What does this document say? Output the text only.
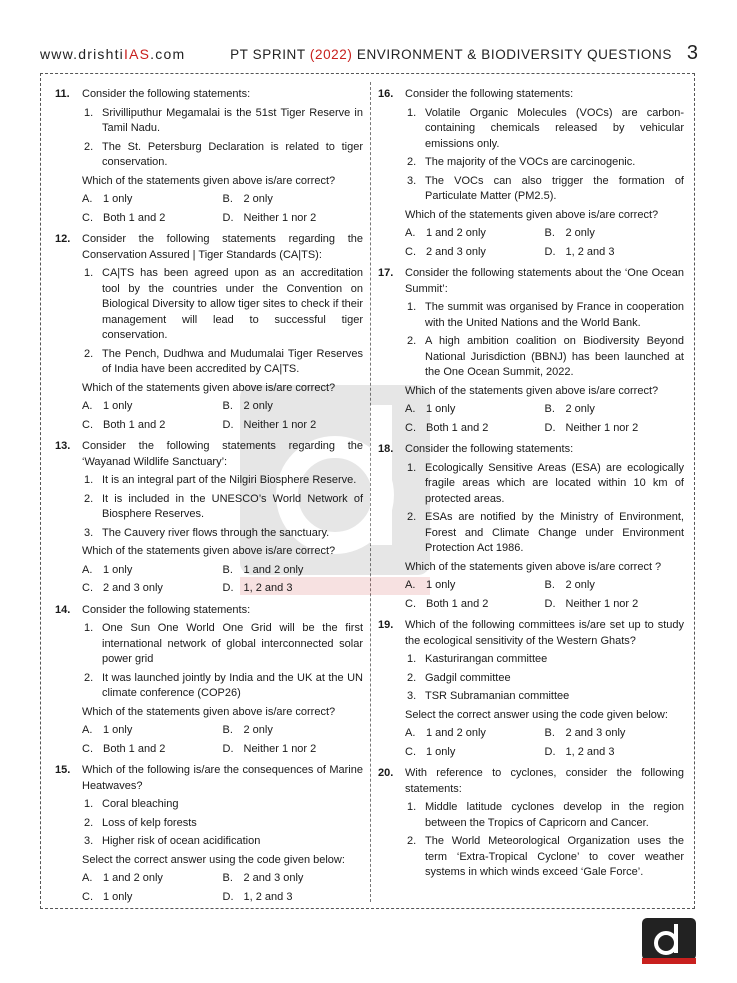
www.drishtiIAS.com	PT SPRINT (2022) ENVIRONMENT & BIODIVERSITY QUESTIONS 3
11. Consider the following statements:
1. Srivilliputhur Megamalai is the 51st Tiger Reserve in Tamil Nadu.
2. The St. Petersburg Declaration is related to tiger conservation.
Which of the statements given above is/are correct?
A. 1 only	B. 2 only
C. Both 1 and 2	D. Neither 1 nor 2
12. Consider the following statements regarding the Conservation Assured | Tiger Standards (CA|TS):
1. CA|TS has been agreed upon as an accreditation tool by the countries under the Convention on Biological Diversity to allow tiger sites to check if their management will lead to successful tiger conservation.
2. The Pench, Dudhwa and Mudumalai Tiger Reserves of India have been accredited by CA|TS.
Which of the statements given above is/are correct?
A. 1 only	B. 2 only
C. Both 1 and 2	D. Neither 1 nor 2
13. Consider the following statements regarding the ‘Wayanad Wildlife Sanctuary’:
1. It is an integral part of the Nilgiri Biosphere Reserve.
2. It is included in the UNESCO’s World Network of Biosphere Reserves.
3. The Cauvery river flows through the sanctuary.
Which of the statements given above is/are correct?
A. 1 only	B. 1 and 2 only
C. 2 and 3 only	D. 1, 2 and 3
14. Consider the following statements:
1. One Sun One World One Grid will be the first international network of global interconnected solar power grid
2. It was launched jointly by India and the UK at the UN climate conference (COP26)
Which of the statements given above is/are correct?
A. 1 only	B. 2 only
C. Both 1 and 2	D. Neither 1 nor 2
15. Which of the following is/are the consequences of Marine Heatwaves?
1. Coral bleaching
2. Loss of kelp forests
3. Higher risk of ocean acidification
Select the correct answer using the code given below:
A. 1 and 2 only	B. 2 and 3 only
C. 1 only	D. 1, 2 and 3
16. Consider the following statements:
1. Volatile Organic Molecules (VOCs) are carbon-containing chemicals released by vehicular emissions only.
2. The majority of the VOCs are carcinogenic.
3. The VOCs can also trigger the formation of Particulate Matter (PM2.5).
Which of the statements given above is/are correct?
A. 1 and 2 only	B. 2 only
C. 2 and 3 only	D. 1, 2 and 3
17. Consider the following statements about the ‘One Ocean Summit’:
1. The summit was organised by France in cooperation with the United Nations and the World Bank.
2. A high ambition coalition on Biodiversity Beyond National Jurisdiction (BBNJ) has been launched at the One Ocean Summit, 2022.
Which of the statements given above is/are correct?
A. 1 only	B. 2 only
C. Both 1 and 2	D. Neither 1 nor 2
18. Consider the following statements:
1. Ecologically Sensitive Areas (ESA) are ecologically fragile areas which are located within 10 km of protected areas.
2. ESAs are notified by the Ministry of Environment, Forest and Climate Change under Environment Protection Act 1986.
Which of the statements given above is/are correct ?
A. 1 only	B. 2 only
C. Both 1 and 2	D. Neither 1 nor 2
19. Which of the following committees is/are set up to study the ecological sensitivity of the Western Ghats?
1. Kasturirangan committee
2. Gadgil committee
3. TSR Subramanian committee
Select the correct answer using the code given below:
A. 1 and 2 only	B. 2 and 3 only
C. 1 only	D. 1, 2 and 3
20. With reference to cyclones, consider the following statements:
1. Middle latitude cyclones develop in the region between the Tropics of Capricorn and Cancer.
2. The World Meteorological Organization uses the term ‘Extra-Tropical Cyclone’ to cover weather systems in which winds exceed ‘Gale Force’.
